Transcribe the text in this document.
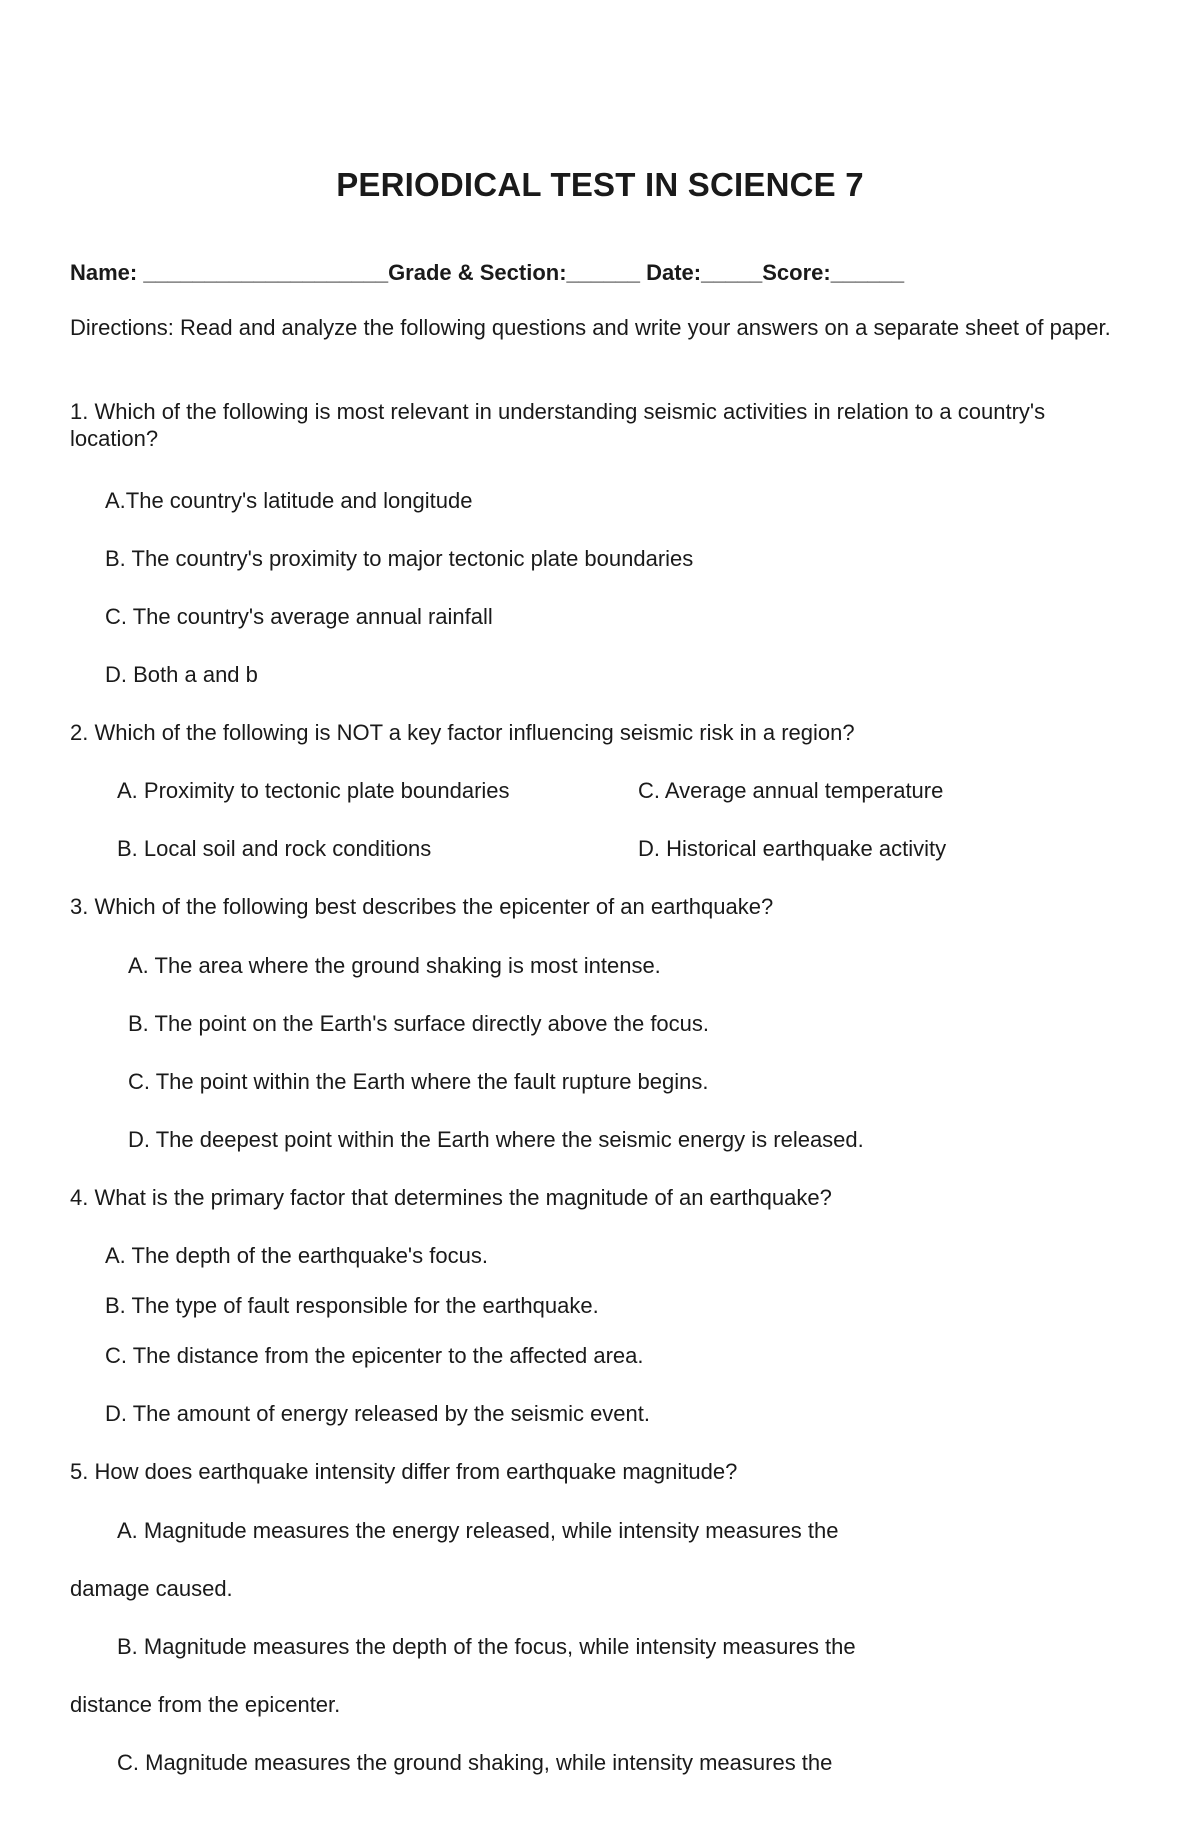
PERIODICAL TEST IN SCIENCE 7
Name: ____________________Grade & Section:______ Date:_____Score:______

Directions: Read and analyze the following questions and write your answers on a separate sheet of paper.

1. Which of the following is most relevant in understanding seismic activities in relation to a country's location?
A.The country's latitude and longitude
B. The country's proximity to major tectonic plate boundaries
C. The country's average annual rainfall
D. Both a and b
2. Which of the following is NOT a key factor influencing seismic risk in a region?
A. Proximity to tectonic plate boundaries	C. Average annual temperature
B. Local soil and rock conditions	D. Historical earthquake activity
3. Which of the following best describes the epicenter of an earthquake?
A. The area where the ground shaking is most intense.
B. The point on the Earth's surface directly above the focus.
C. The point within the Earth where the fault rupture begins.
D. The deepest point within the Earth where the seismic energy is released.
4. What is the primary factor that determines the magnitude of an earthquake?
A. The depth of the earthquake's focus.
B. The type of fault responsible for the earthquake.
C. The distance from the epicenter to the affected area.
D. The amount of energy released by the seismic event.
5. How does earthquake intensity differ from earthquake magnitude?
A. Magnitude measures the energy released, while intensity measures the
damage caused.
B. Magnitude measures the depth of the focus, while intensity measures the
distance from the epicenter.
C. Magnitude measures the ground shaking, while intensity measures the
